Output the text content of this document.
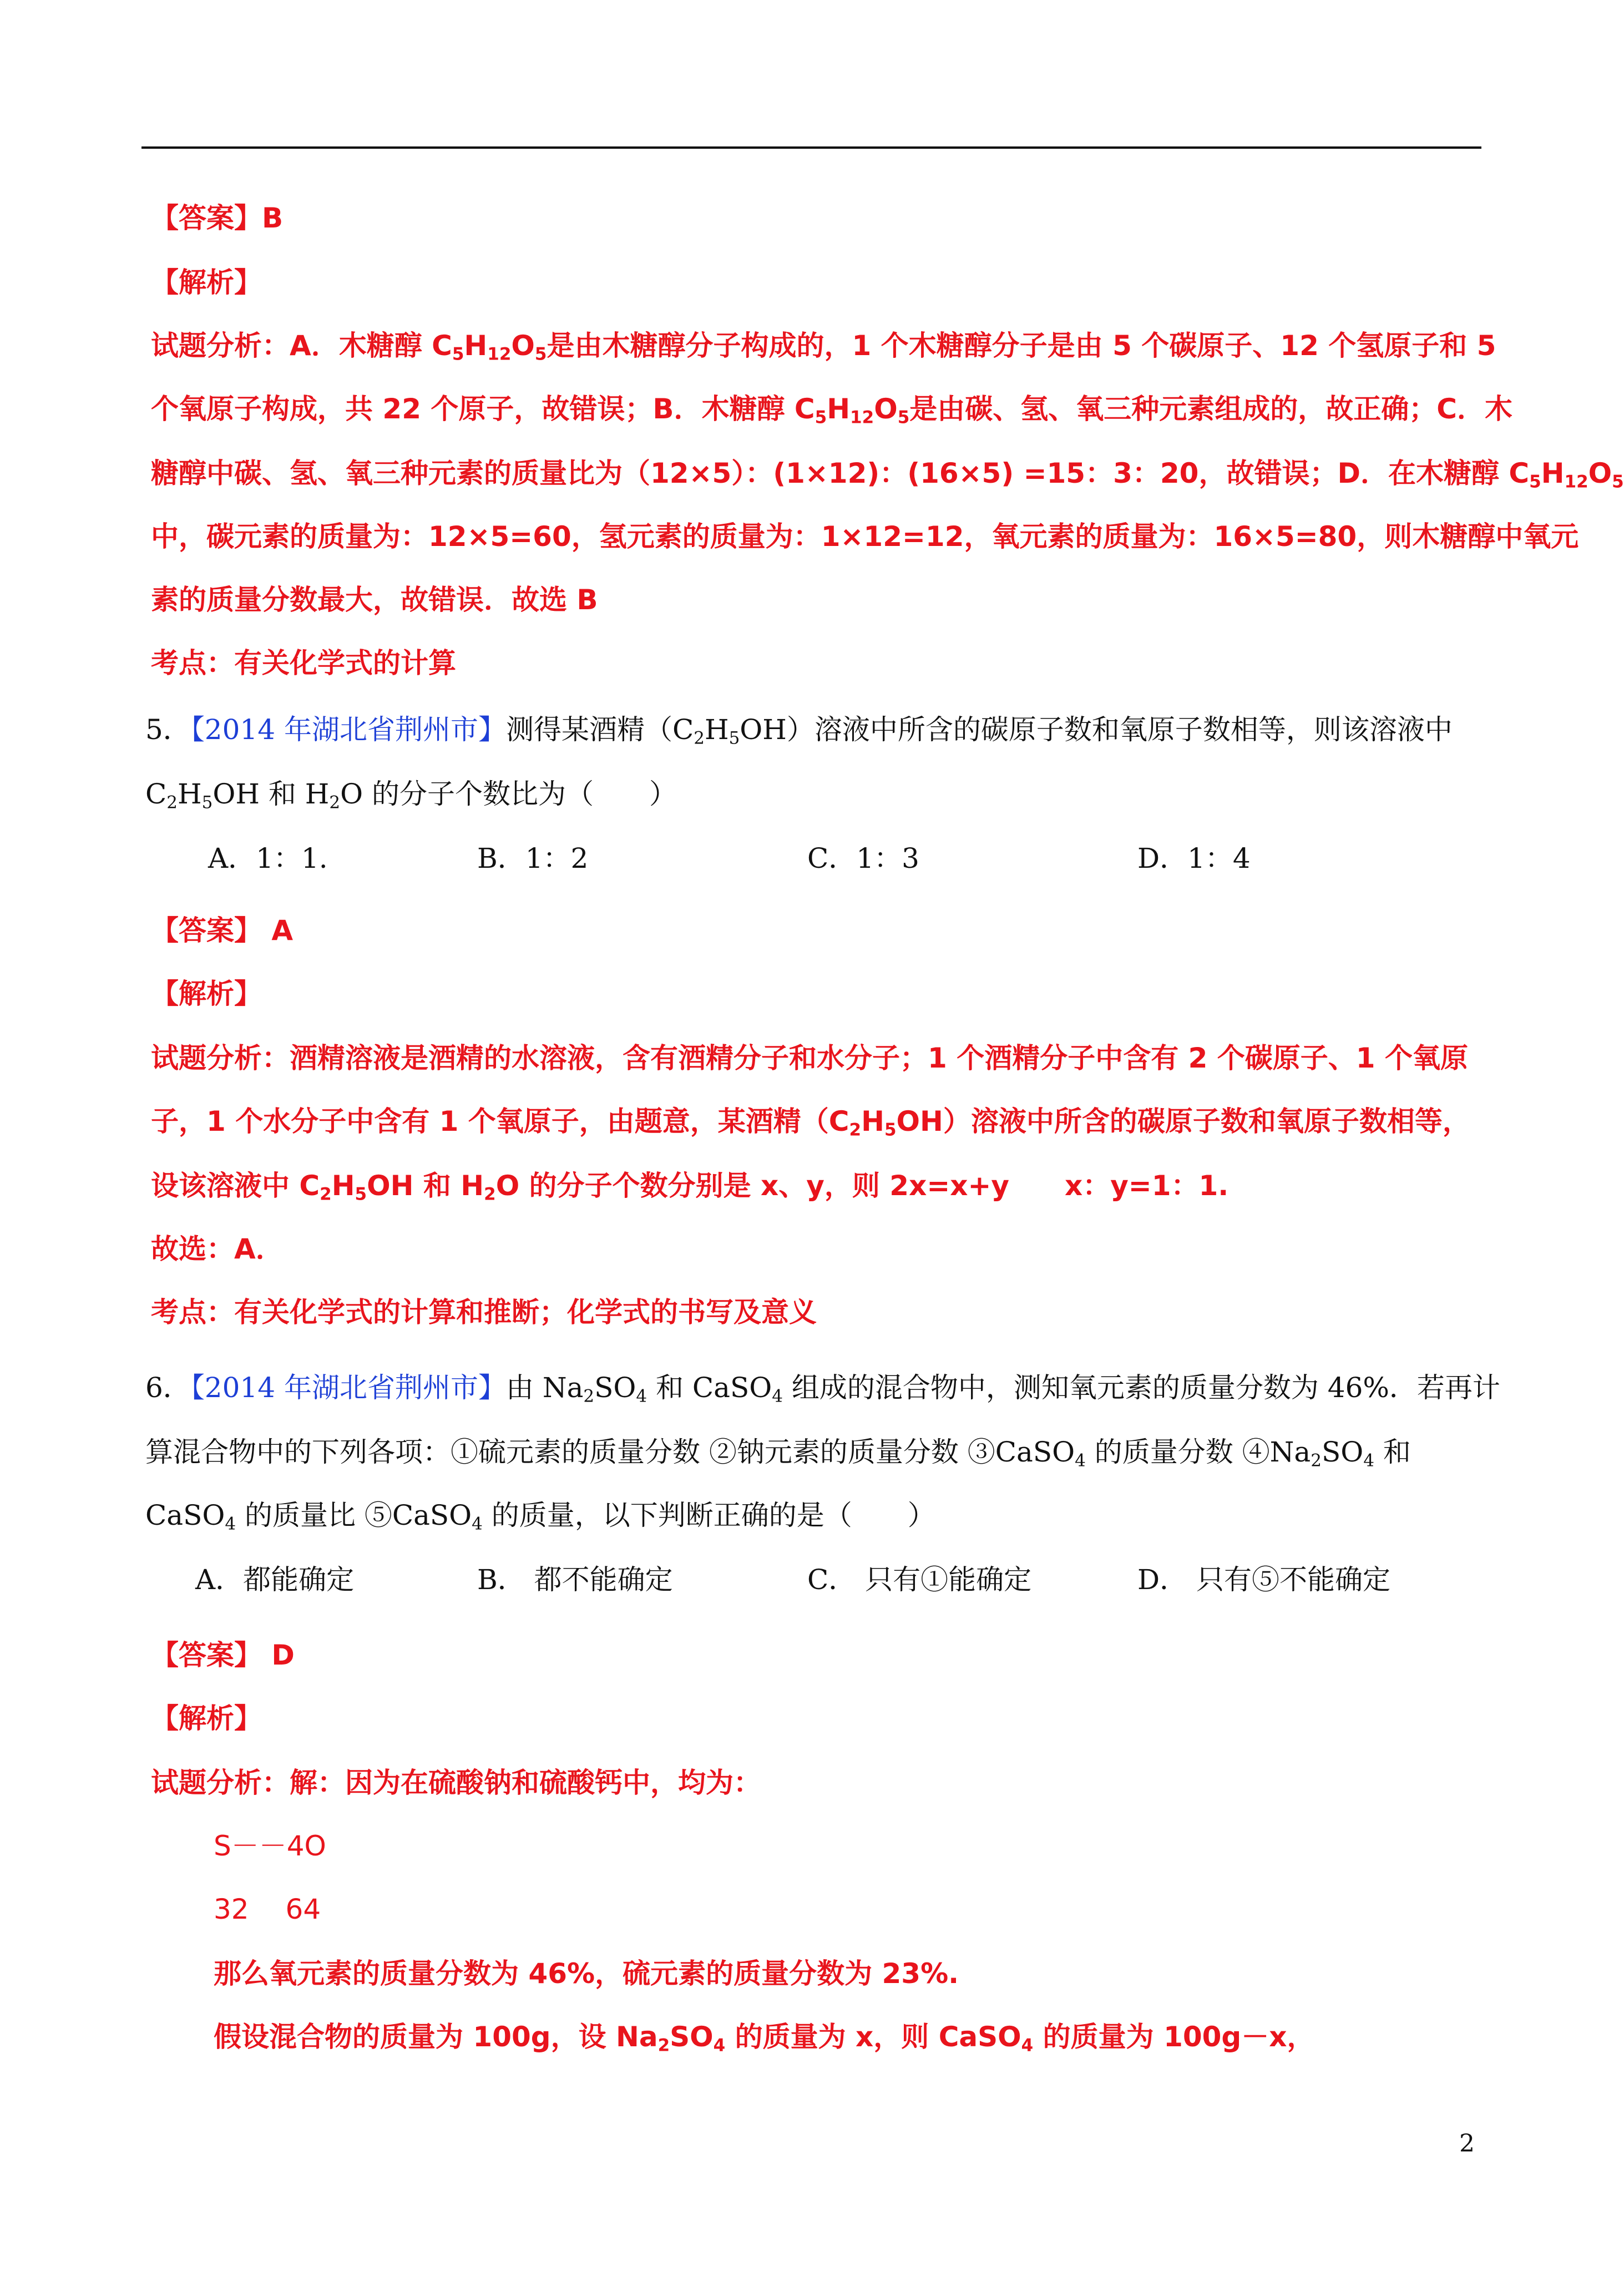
【答案】B
【解析】
试题分析：A．木糖醇 $C_5H_{12}O_5$是由木糖醇分子构成的，1 个木糖醇分子是由 5 个碳原子、12 个氢原子和 5
个氧原子构成，共 22 个原子，故错误；B．木糖醇 $C_5H_{12}O_5$是由碳、氢、氧三种元素组成的，故正确；C．木
糖醇中碳、氢、氧三种元素的质量比为（12×5）：(1×12)：(16×5) =15：3：20，故错误；D．在木糖醇 $C_5H_{12}O_5$
中，碳元素的质量为：12×5=60，氢元素的质量为：1×12=12，氧元素的质量为：16×5=80，则木糖醇中氧元
素的质量分数最大，故错误．故选 B
考点：有关化学式的计算
5．【2014 年湖北省荆州市】测得某酒精$(C_2H_5OH)$溶液中所含的碳原子数和氧原子数相等，则该溶液中
$C_2H_5OH$ 和 $H_2O$ 的分子个数比为（　　）
A．1：1.	B．1：2	C．1：3	D．1：4
【答案】 A
【解析】
试题分析：酒精溶液是酒精的水溶液，含有酒精分子和水分子；1 个酒精分子中含有 2 个碳原子、1 个氧原
子，1 个水分子中含有 1 个氧原子，由题意，某酒精$(C_2H_5OH)$溶液中所含的碳原子数和氧原子数相等，
设该溶液中 $C_2H_5OH$ 和 $H_2O$ 的分子个数分别是 x、y，则 2x=x+y　　x：y=1：1.
故选：A．
考点：有关化学式的计算和推断；化学式的书写及意义
6．【2014 年湖北省荆州市】由 $Na_2SO_4$ 和 CaSO$_4$ 组成的混合物中，测知氧元素的质量分数为 46%．若再计
算混合物中的下列各项：①硫元素的质量分数 ②钠元素的质量分数 ③CaSO$_4$ 的质量分数 $④Na_2SO_4$ 和
CaSO$_4$ 的质量比 ⑤CaSO$_4$ 的质量，以下判断正确的是（　　）
A．都能确定	B． 都不能确定	C． 只有①能确定	D． 只有⑤不能确定
【答案】 D
【解析】
试题分析：解：因为在硫酸钠和硫酸钙中，均为：
S－－4O
32　 64
那么氧元素的质量分数为 46%，硫元素的质量分数为 23%.
假设混合物的质量为 100g，设 $Na_2SO_4$ 的质量为 x，则 CaSO$_4$ 的质量为 100g－x，
2
